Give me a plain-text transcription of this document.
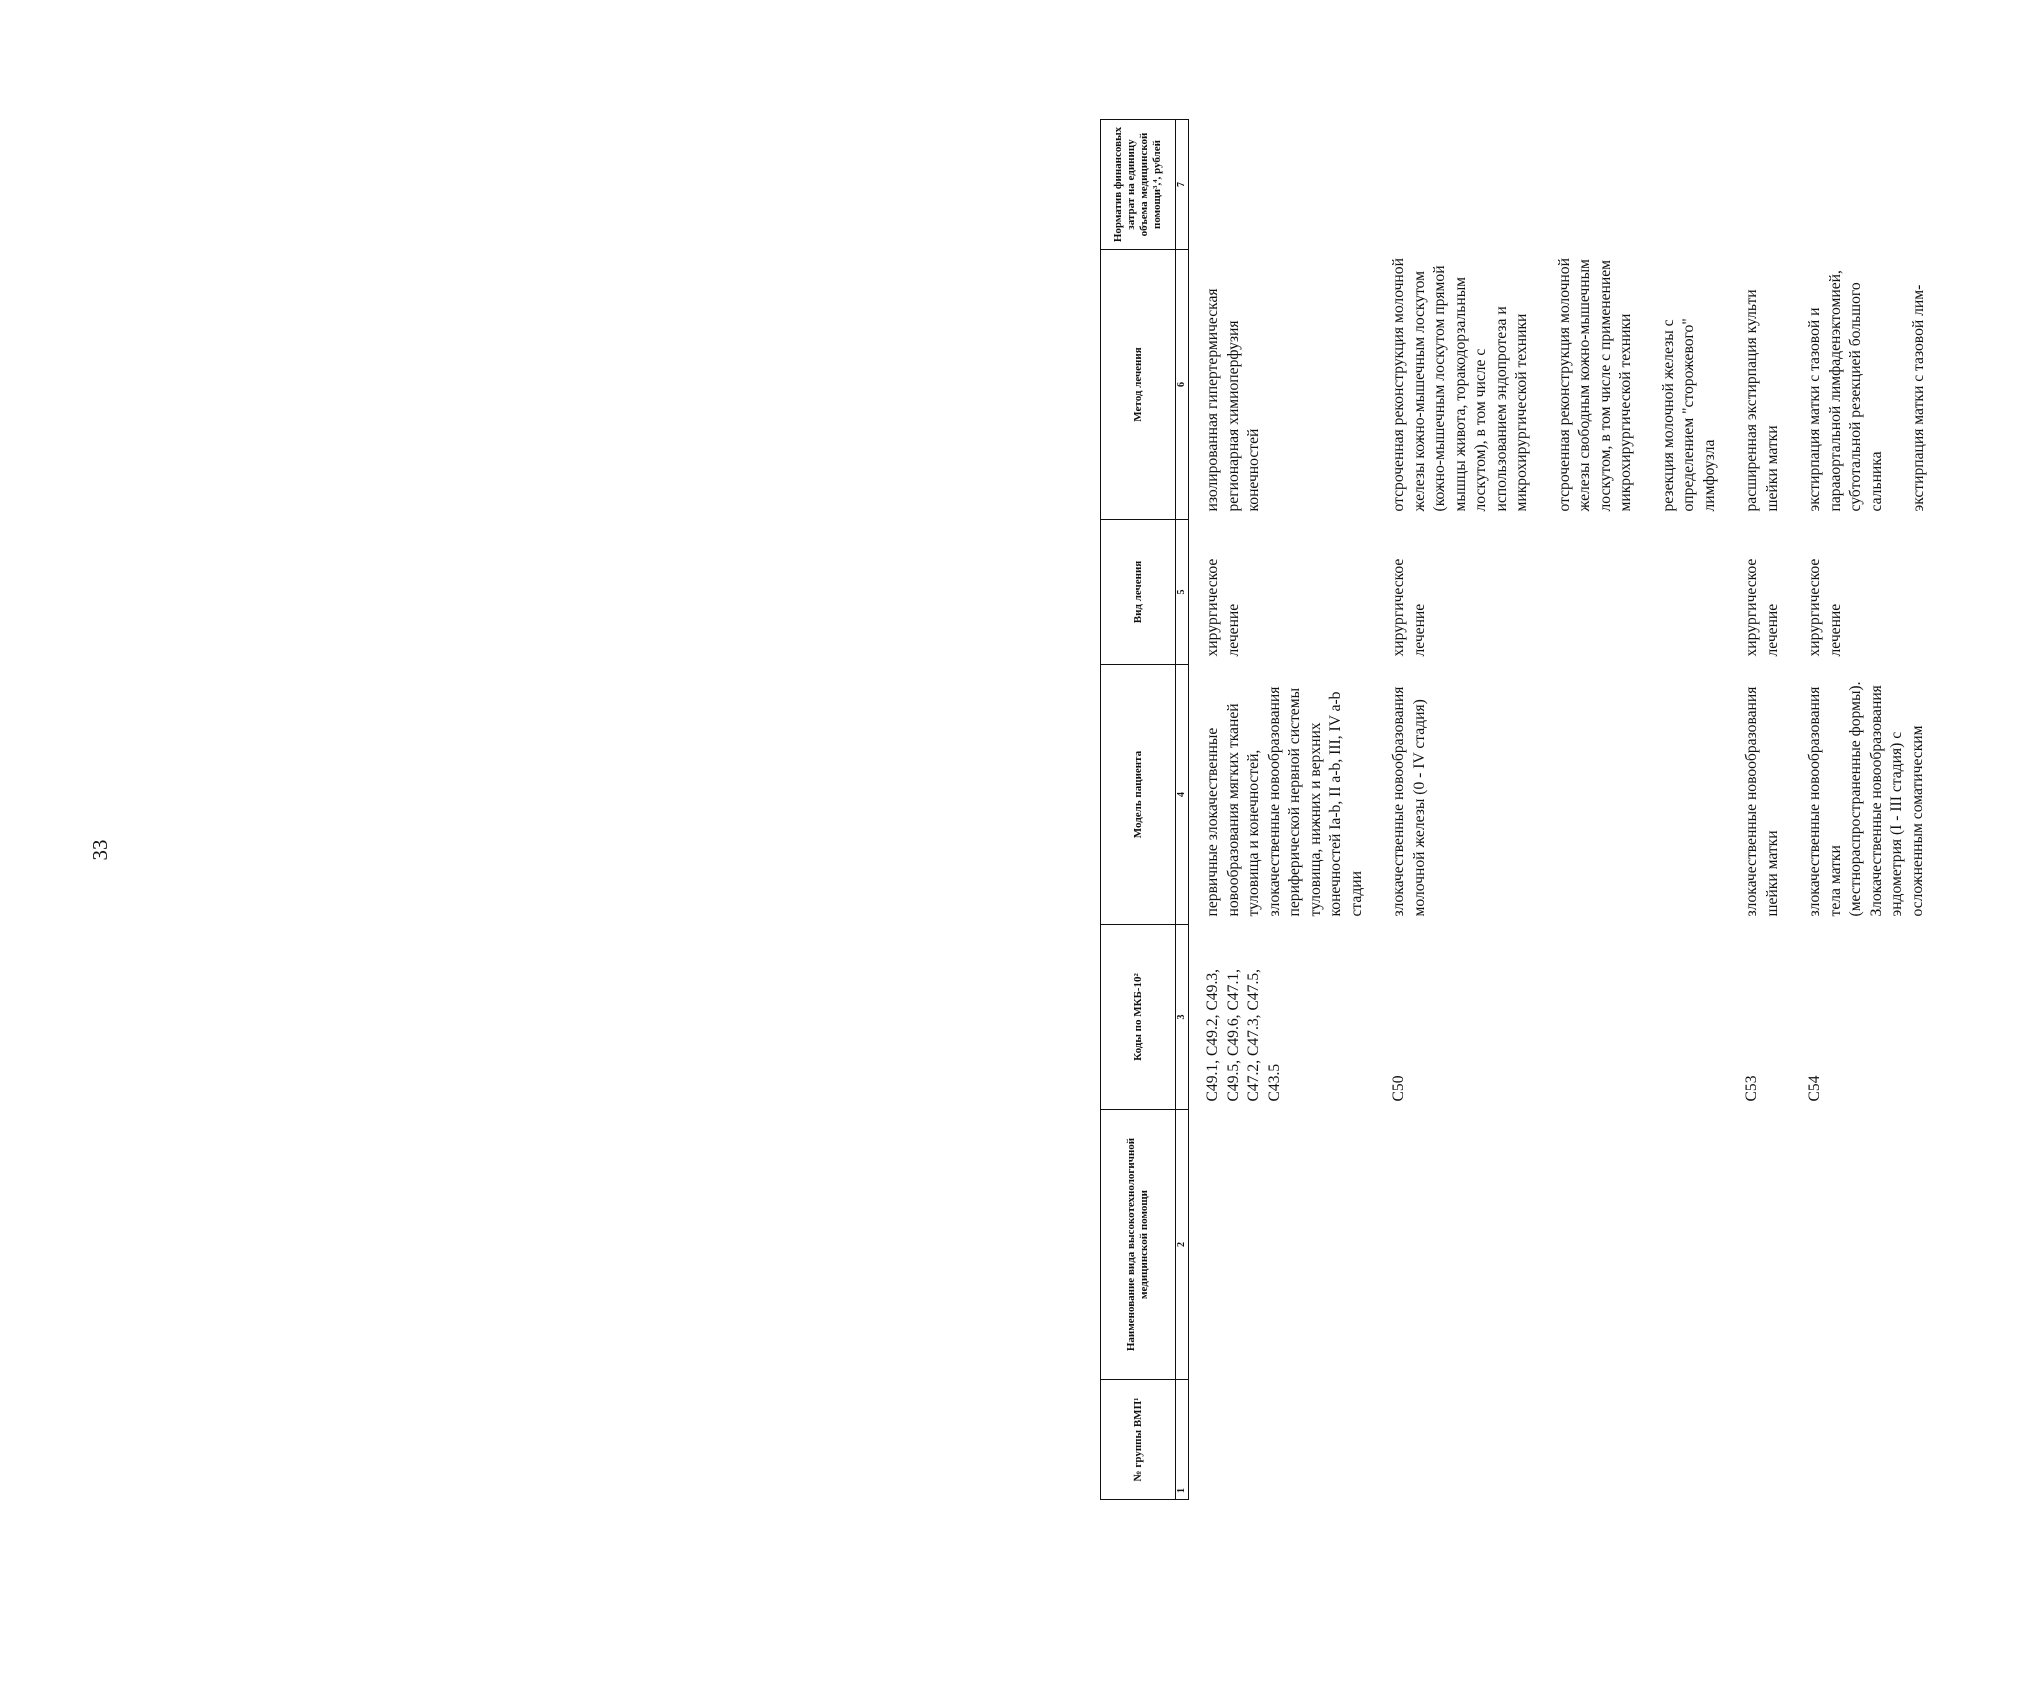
33
№ группы ВМП¹	Наименование вида высокотехнологичной медицинской помощи	Коды по МКБ-10²	Модель пациента	Вид лечения	Метод лечения	Норматив финансовых затрат на единицу объема медицинской помощи³,⁴, рублей
1	2	3	4	5	6	7
		C49.1, C49.2, C49.3, C49.5, C49.6, C47.1, C47.2, C47.3, C47.5, C43.5	первичные злокачественные новообразования мягких тканей туловища и конечностей, злокачественные новообразования периферической нервной системы туловища, нижних и верхних конечностей Ia-b, II a-b, III, IV a-b стадии	хирургическое лечение	изолированная гипертермическая регионарная химиоперфузия конечностей	

		C50	злокачественные новообразования молочной железы (0 - IV стадия)	хирургическое лечение	отсроченная реконструкция молочной железы кожно-мышечным лоскутом (кожно-мышечным лоскутом прямой мышцы живота, торакодорзальным лоскутом), в том числе с использованием эндопротеза и микрохирургической техники отсроченная реконструкция молочной железы свободным кожно-мышечным лоскутом, в том числе с применением микрохирургической техники резекция молочной железы с определением "сторожевого" лимфоузла	

		C53	злокачественные новообразования шейки матки	хирургическое лечение	расширенная экстирпация культи шейки матки	

		C54	злокачественные новообразования тела матки (местнораспространенные формы). Злокачественные новообразования эндометрия (I - III стадия) с осложненным соматическим	хирургическое лечение	экстирпация матки с тазовой и парааортальной лимфаденэктомией, субтотальной резекцией большого сальника экстирпация матки с тазовой лим-	
